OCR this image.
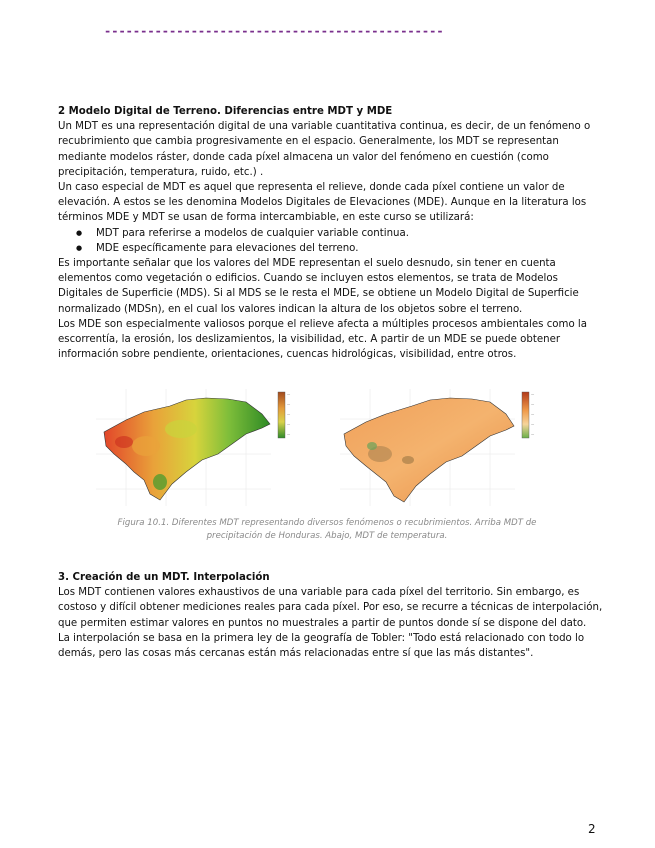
-----------------------------------------------

2 Modelo Digital de Terreno. Diferencias entre MDT y MDE

Un MDT es una representación digital de una variable cuantitativa continua, es decir, de un fenómeno o recubrimiento que cambia progresivamente en el espacio. Generalmente, los MDT se representan mediante modelos ráster, donde cada píxel almacena un valor del fenómeno en cuestión (como precipitación, temperatura, ruido, etc.) .

Un caso especial de MDT es aquel que representa el relieve, donde cada píxel contiene un valor de elevación. A estos se les denomina Modelos Digitales de Elevaciones (MDE). Aunque en la literatura los términos MDE y MDT se usan de forma intercambiable, en este curso se utilizará:

● MDT para referirse a modelos de cualquier variable continua.
● MDE específicamente para elevaciones del terreno.

Es importante señalar que los valores del MDE representan el suelo desnudo, sin tener en cuenta elementos como vegetación o edificios. Cuando se incluyen estos elementos, se trata de Modelos Digitales de Superficie (MDS). Si al MDS se le resta el MDE, se obtiene un Modelo Digital de Superficie normalizado (MDSn), en el cual los valores indican la altura de los objetos sobre el terreno.

Los MDE son especialmente valiosos porque el relieve afecta a múltiples procesos ambientales como la escorrentía, la erosión, los deslizamientos, la visibilidad, etc. A partir de un MDE se puede obtener información sobre pendiente, orientaciones, cuencas hidrológicas, visibilidad, entre otros.

—
—
—
—
—
—
—
—
—
—
Figura 10.1. Diferentes MDT representando diversos fenómenos o recubrimientos. Arriba MDT de precipitación de Honduras. Abajo, MDT de temperatura.

3. Creación de un MDT. Interpolación

Los MDT contienen valores exhaustivos de una variable para cada píxel del territorio. Sin embargo, es costoso y difícil obtener mediciones reales para cada píxel. Por eso, se recurre a técnicas de interpolación, que permiten estimar valores en puntos no muestrales a partir de puntos donde sí se dispone del dato.

La interpolación se basa en la primera ley de la geografía de Tobler: "Todo está relacionado con todo lo demás, pero las cosas más cercanas están más relacionadas entre sí que las más distantes".

2
